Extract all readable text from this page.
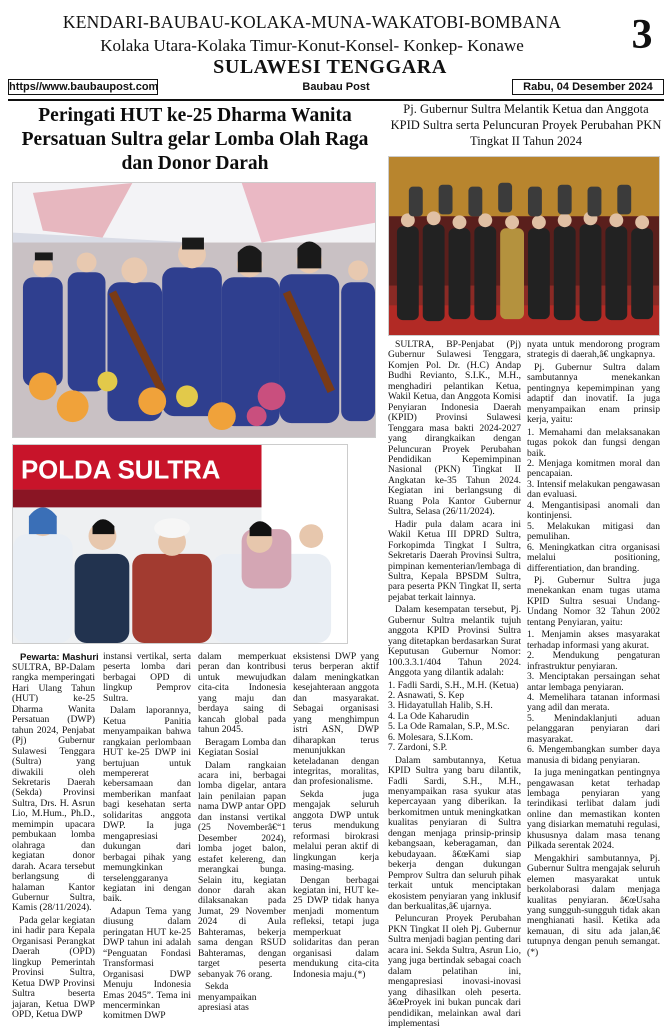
KENDARI-BAUBAU-KOLAKA-MUNA-WAKATOBI-BOMBANA
Kolaka Utara-Kolaka Timur-Konut-Konsel- Konkep- Konawe
SULAWESI TENGGARA
3
https//www.baubaupost.com	Baubau Post	Rabu, 04 Desember 2024
Peringati HUT ke-25 Dharma Wanita Persatuan Sultra gelar Lomba Olah Raga dan Donor Darah
POLDA SULTRA
Pewarta: Mashuri

SULTRA, BP-Dalam rangka memperingati Hari Ulang Tahun (HUT) ke-25 Dharma Wanita Persatuan (DWP) tahun 2024, Penjabat (Pj) Gubernur Sulawesi Tenggara (Sultra) yang diwakili oleh Sekretaris Daerah (Sekda) Provinsi Sultra, Drs. H. Asrun Lio, M.Hum., Ph.D., memimpin upacara pembukaan lomba olahraga dan kegiatan donor darah. Acara tersebut berlangsung di halaman Kantor Gubernur Sultra, Kamis (28/11/2024).

Pada gelar kegiatan ini hadir para Kepala Organisasi Perangkat Daerah (OPD) lingkup Pemerintah Provinsi Sultra, Ketua DWP Provinsi Sultra beserta jajaran, Ketua DWP OPD, Ketua DWP

instansi vertikal, serta peserta lomba dari berbagai OPD di lingkup Pemprov Sultra.

Dalam laporannya, Ketua Panitia menyampaikan bahwa rangkaian perlombaan HUT ke-25 DWP ini bertujuan untuk mempererat kebersamaan dan memberikan manfaat bagi kesehatan serta solidaritas anggota DWP. Ia juga mengapresiasi dukungan dari berbagai pihak yang memungkinkan terselenggaranya kegiatan ini dengan baik.

Adapun Tema yang diusung dalam peringatan HUT ke-25 DWP tahun ini adalah “Penguatan Fondasi Transformasi Organisasi DWP Menuju Indonesia Emas 2045”. Tema ini mencerminkan komitmen DWP

dalam memperkuat peran dan kontribusi untuk mewujudkan cita-cita Indonesia yang maju dan berdaya saing di kancah global pada tahun 2045.

Beragam Lomba dan Kegiatan Sosial

Dalam rangkaian acara ini, berbagai lomba digelar, antara lain penilaian papan nama DWP antar OPD dan instansi vertikal (25 Novemberâ€“1 Desember 2024), lomba joget balon, estafet kelereng, dan merangkai bunga. Selain itu, kegiatan donor darah akan dilaksanakan pada Jumat, 29 November 2024 di Aula Bahteramas, bekerja sama dengan RSUD Bahteramas, dengan target peserta sebanyak 76 orang.

Sekda menyampaikan apresiasi atas

eksistensi DWP yang terus berperan aktif dalam meningkatkan kesejahteraan anggota dan masyarakat. Sebagai organisasi yang menghimpun istri ASN, DWP diharapkan terus menunjukkan keteladanan dengan integritas, moralitas, dan profesionalisme.

Sekda juga mengajak seluruh anggota DWP untuk terus mendukung reformasi birokrasi melalui peran aktif di lingkungan kerja masing-masing.

Dengan berbagai kegiatan ini, HUT ke-25 DWP tidak hanya menjadi momentum refleksi, tetapi juga memperkuat solidaritas dan peran organisasi dalam mendukung cita-cita Indonesia maju.(*)

Pj. Gubernur Sultra Melantik Ketua dan Anggota KPID Sultra serta Peluncuran Proyek Perubahan PKN Tingkat II Tahun 2024

SULTRA, BP-Penjabat (Pj) Gubernur Sulawesi Tenggara, Komjen Pol. Dr. (H.C) Andap Budhi Revianto, S.I.K., M.H., menghadiri pelantikan Ketua, Wakil Ketua, dan Anggota Komisi Penyiaran Indonesia Daerah (KPID) Provinsi Sulawesi Tenggara masa bakti 2024-2027 yang dirangkaikan dengan Peluncuran Proyek Perubahan Pendidikan Kepemimpinan Nasional (PKN) Tingkat II Angkatan ke-35 Tahun 2024. Kegiatan ini berlangsung di Ruang Pola Kantor Gubernur Sultra, Selasa (26/11/2024).

Hadir pula dalam acara ini Wakil Ketua III DPRD Sultra, Forkopimda Tingkat I Sultra, Sekretaris Daerah Provinsi Sultra, pimpinan kementerian/lembaga di Sultra, Kepala BPSDM Sultra, para peserta PKN Tingkat II, serta pejabat terkait lainnya.

Dalam kesempatan tersebut, Pj. Gubernur Sultra melantik tujuh anggota KPID Provinsi Sultra yang ditetapkan berdasarkan Surat Keputusan Gubernur Nomor: 100.3.3.1/404 Tahun 2024. Anggota yang dilantik adalah:

1. Fadli Sardi, S.H., M.H. (Ketua)
2. Asnawati, S. Kep
3. Hidayatullah Halib, S.H.
4. La Ode Kaharudin
5. La Ode Ramalan, S.P., M.Sc.
6. Molesara, S.I.Kom.
7. Zardoni, S.P.

Dalam sambutannya, Ketua KPID Sultra yang baru dilantik, Fadli Sardi, S.H., M.H., menyampaikan rasa syukur atas kepercayaan yang diberikan. Ia berkomitmen untuk meningkatkan kualitas penyiaran di Sultra dengan menjaga prinsip-prinsip kebangsaan, keberagaman, dan kebudayaan. â€œKami siap bekerja dengan dukungan Pemprov Sultra dan seluruh pihak terkait untuk menciptakan ekosistem penyiaran yang inklusif dan berkualitas,â€ ujarnya.

Peluncuran Proyek Perubahan PKN Tingkat II oleh Pj. Gubernur Sultra menjadi bagian penting dari acara ini. Sekda Sultra, Asrun Lio, yang juga bertindak sebagai coach dalam pelatihan ini, mengapresiasi inovasi-inovasi yang dihasilkan oleh peserta. â€œProyek ini bukan puncak dari pendidikan, melainkan awal dari implementasi

nyata untuk mendorong program strategis di daerah,â€ ungkapnya.

Pj. Gubernur Sultra dalam sambutannya menekankan pentingnya kepemimpinan yang adaptif dan inovatif. Ia juga menyampaikan enam prinsip kerja, yaitu:

1. Memahami dan melaksanakan tugas pokok dan fungsi dengan baik.
2. Menjaga komitmen moral dan pencapaian.
3. Intensif melakukan pengawasan dan evaluasi.
4. Mengantisipasi anomali dan kontinjensi.
5. Melakukan mitigasi dan pemulihan.
6. Meningkatkan citra organisasi melalui positioning, differentiation, dan branding.

Pj. Gubernur Sultra juga menekankan enam tugas utama KPID Sultra sesuai Undang-Undang Nomor 32 Tahun 2002 tentang Penyiaran, yaitu:

1. Menjamin akses masyarakat terhadap informasi yang akurat.
2. Mendukung pengaturan infrastruktur penyiaran.
3. Menciptakan persaingan sehat antar lembaga penyiaran.
4. Memelihara tatanan informasi yang adil dan merata.
5. Menindaklanjuti aduan pelanggaran penyiaran dari masyarakat.
6. Mengembangkan sumber daya manusia di bidang penyiaran.

Ia juga meningatkan pentingnya pengawasan ketat terhadap lembaga penyiaran yang terindikasi terlibat dalam judi online dan memastikan konten yang disiarkan mematuhi regulasi, khususnya dalam masa tenang Pilkada serentak 2024.

Mengakhiri sambutannya, Pj. Gubernur Sultra mengajak seluruh elemen masyarakat untuk berkolaborasi dalam menjaga kualitas penyiaran. â€œUsaha yang sungguh-sungguh tidak akan menghianati hasil. Ketika ada kemauan, di situ ada jalan,â€ tutupnya dengan penuh semangat. (*)
